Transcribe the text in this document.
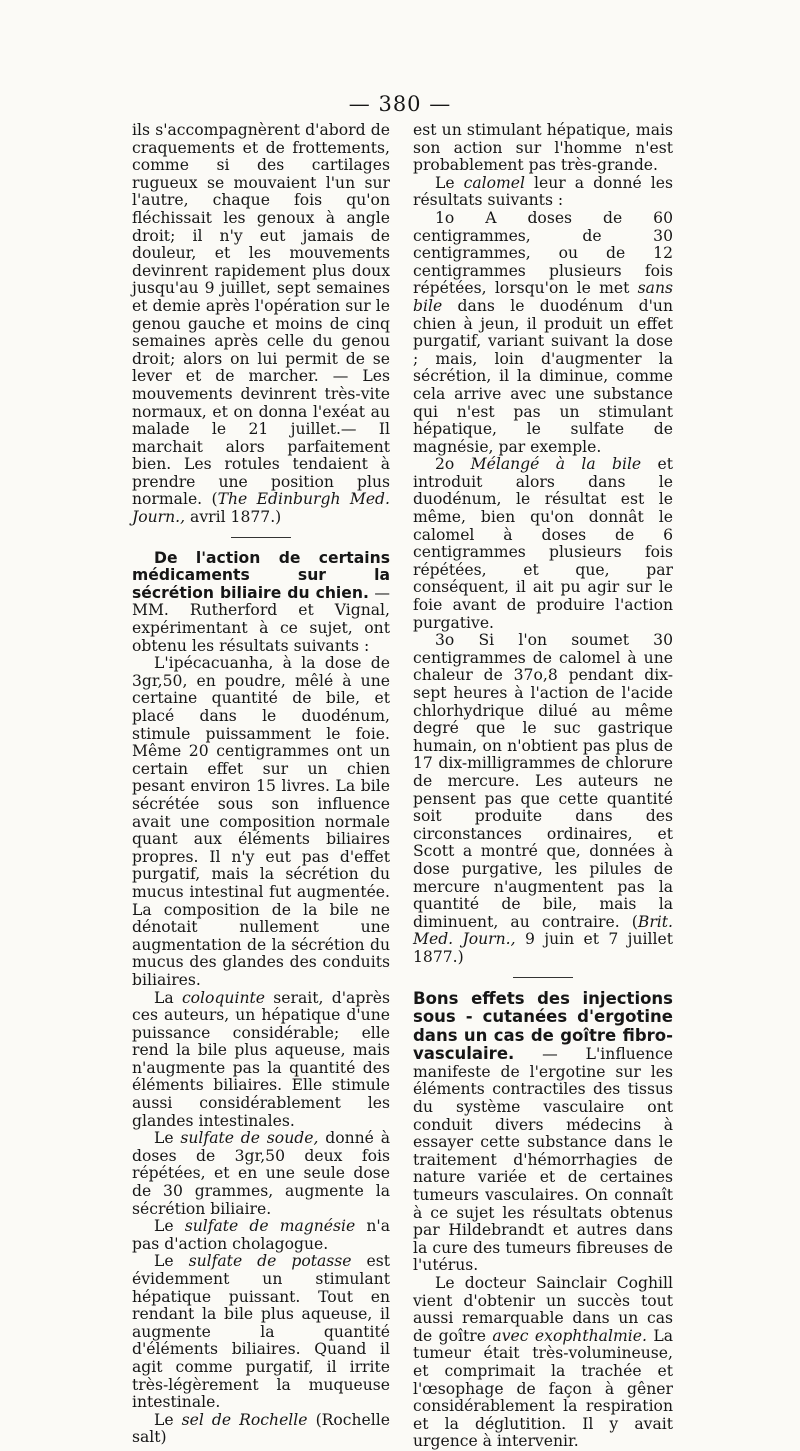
— 380 —

ils s'accompagnèrent d'abord de craquements et de frottements, comme si des cartilages rugueux se mouvaient l'un sur l'autre, chaque fois qu'on fléchissait les genoux à angle droit; il n'y eut jamais de douleur, et les mouvements devinrent rapidement plus doux jusqu'au 9 juillet, sept semaines et demie après l'opération sur le genou gauche et moins de cinq semaines après celle du genou droit; alors on lui permit de se lever et de marcher. — Les mouvements devinrent très-vite normaux, et on donna l'exéat au malade le 21 juillet.— Il marchait alors parfaitement bien. Les rotules tendaient à prendre une position plus normale. (The Edinburgh Med. Journ., avril 1877.)

De l'action de certains médicaments sur la sécrétion biliaire du chien. — MM. Rutherford et Vignal, expérimentant à ce sujet, ont obtenu les résultats suivants :

L'ipécacuanha, à la dose de 3gr,50, en poudre, mêlé à une certaine quantité de bile, et placé dans le duodénum, stimule puissamment le foie. Même 20 centigrammes ont un certain effet sur un chien pesant environ 15 livres. La bile sécrétée sous son influence avait une composition normale quant aux éléments biliaires propres. Il n'y eut pas d'effet purgatif, mais la sécrétion du mucus intestinal fut augmentée. La composition de la bile ne dénotait nullement une augmentation de la sécrétion du mucus des glandes des conduits biliaires.

La coloquinte serait, d'après ces auteurs, un hépatique d'une puissance considérable; elle rend la bile plus aqueuse, mais n'augmente pas la quantité des éléments biliaires. Elle stimule aussi considérablement les glandes intestinales.

Le sulfate de soude, donné à doses de 3gr,50 deux fois répétées, et en une seule dose de 30 grammes, augmente la sécrétion biliaire.

Le sulfate de magnésie n'a pas d'action cholagogue.

Le sulfate de potasse est évidemment un stimulant hépatique puissant. Tout en rendant la bile plus aqueuse, il augmente la quantité d'éléments biliaires. Quand il agit comme purgatif, il irrite très-légèrement la muqueuse intestinale.

Le sel de Rochelle (Rochelle salt)

est un stimulant hépatique, mais son action sur l'homme n'est probablement pas très-grande.

Le calomel leur a donné les résultats suivants :

1o A doses de 60 centigrammes, de 30 centigrammes, ou de 12 centigrammes plusieurs fois répétées, lorsqu'on le met sans bile dans le duodénum d'un chien à jeun, il produit un effet purgatif, variant suivant la dose ; mais, loin d'augmenter la sécrétion, il la diminue, comme cela arrive avec une substance qui n'est pas un stimulant hépatique, le sulfate de magnésie, par exemple.

2o Mélangé à la bile et introduit alors dans le duodénum, le résultat est le même, bien qu'on donnât le calomel à doses de 6 centigrammes plusieurs fois répétées, et que, par conséquent, il ait pu agir sur le foie avant de produire l'action purgative.

3o Si l'on soumet 30 centigrammes de calomel à une chaleur de 37o,8 pendant dix-sept heures à l'action de l'acide chlorhydrique dilué au même degré que le suc gastrique humain, on n'obtient pas plus de 17 dix-milligrammes de chlorure de mercure. Les auteurs ne pensent pas que cette quantité soit produite dans des circonstances ordinaires, et Scott a montré que, données à dose purgative, les pilules de mercure n'augmentent pas la quantité de bile, mais la diminuent, au contraire. (Brit. Med. Journ., 9 juin et 7 juillet 1877.)

Bons effets des injections sous - cutanées d'ergotine dans un cas de goître fibro- vasculaire. — L'influence manifeste de l'ergotine sur les éléments contractiles des tissus du système vasculaire ont conduit divers médecins à essayer cette substance dans le traitement d'hémorrhagies de nature variée et de certaines tumeurs vasculaires. On connaît à ce sujet les résultats obtenus par Hildebrandt et autres dans la cure des tumeurs fibreuses de l'utérus.

Le docteur Sainclair Coghill vient d'obtenir un succès tout aussi remarquable dans un cas de goître avec exophthalmie. La tumeur était très-volumineuse, et comprimait la trachée et l'œsophage de façon à gêner considérablement la respiration et la déglutition. Il y avait urgence à intervenir.
